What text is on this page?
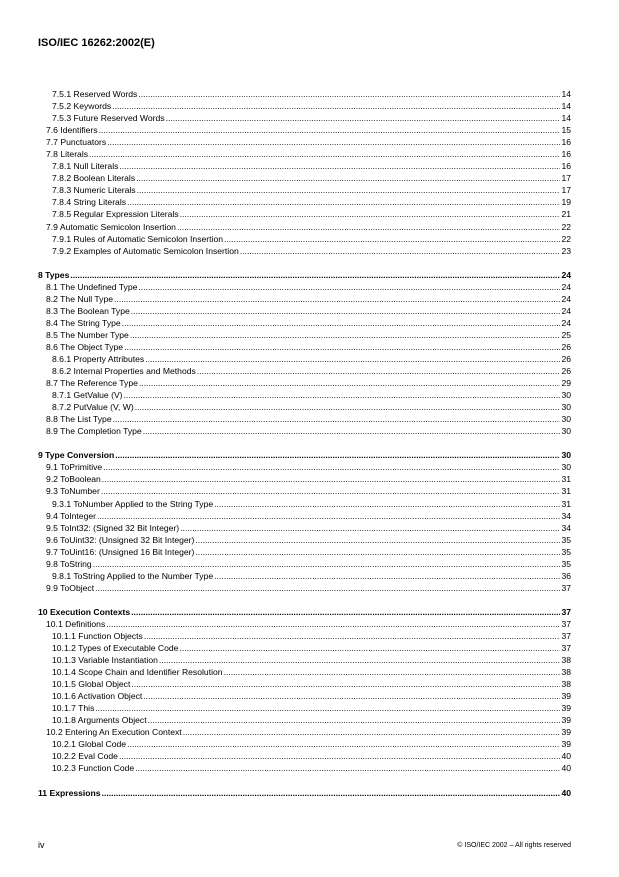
ISO/IEC 16262:2002(E)
7.5.1 Reserved Words .....	14
7.5.2 Keywords .....	14
7.5.3 Future Reserved Words .....	14
7.6 Identifiers .....	15
7.7 Punctuators .....	16
7.8 Literals .....	16
7.8.1 Null Literals .....	16
7.8.2 Boolean Literals .....	17
7.8.3 Numeric Literals .....	17
7.8.4 String Literals .....	19
7.8.5 Regular Expression Literals .....	21
7.9 Automatic Semicolon Insertion .....	22
7.9.1 Rules of Automatic Semicolon Insertion .....	22
7.9.2 Examples of Automatic Semicolon Insertion .....	23
8 Types .....	24
8.1 The Undefined Type .....	24
8.2 The Null Type .....	24
8.3 The Boolean Type .....	24
8.4 The String Type .....	24
8.5 The Number Type .....	25
8.6 The Object Type .....	26
8.6.1 Property Attributes .....	26
8.6.2 Internal Properties and Methods .....	26
8.7 The Reference Type .....	29
8.7.1 GetValue (V) .....	30
8.7.2 PutValue (V, W) .....	30
8.8 The List Type .....	30
8.9 The Completion Type .....	30
9 Type Conversion .....	30
9.1 ToPrimitive .....	30
9.2 ToBoolean .....	31
9.3 ToNumber .....	31
9.3.1 ToNumber Applied to the String Type .....	31
9.4 ToInteger .....	34
9.5 ToInt32: (Signed 32 Bit Integer) .....	34
9.6 ToUint32: (Unsigned 32 Bit Integer) .....	35
9.7 ToUint16: (Unsigned 16 Bit Integer) .....	35
9.8 ToString .....	35
9.8.1 ToString Applied to the Number Type .....	36
9.9 ToObject .....	37
10 Execution Contexts .....	37
10.1 Definitions .....	37
10.1.1 Function Objects .....	37
10.1.2 Types of Executable Code .....	37
10.1.3 Variable Instantiation .....	38
10.1.4 Scope Chain and Identifier Resolution .....	38
10.1.5 Global Object .....	38
10.1.6 Activation Object .....	39
10.1.7 This .....	39
10.1.8 Arguments Object .....	39
10.2 Entering An Execution Context .....	39
10.2.1 Global Code .....	39
10.2.2 Eval Code .....	40
10.2.3 Function Code .....	40
11 Expressions .....	40
iv	© ISO/IEC 2002 – All rights reserved
